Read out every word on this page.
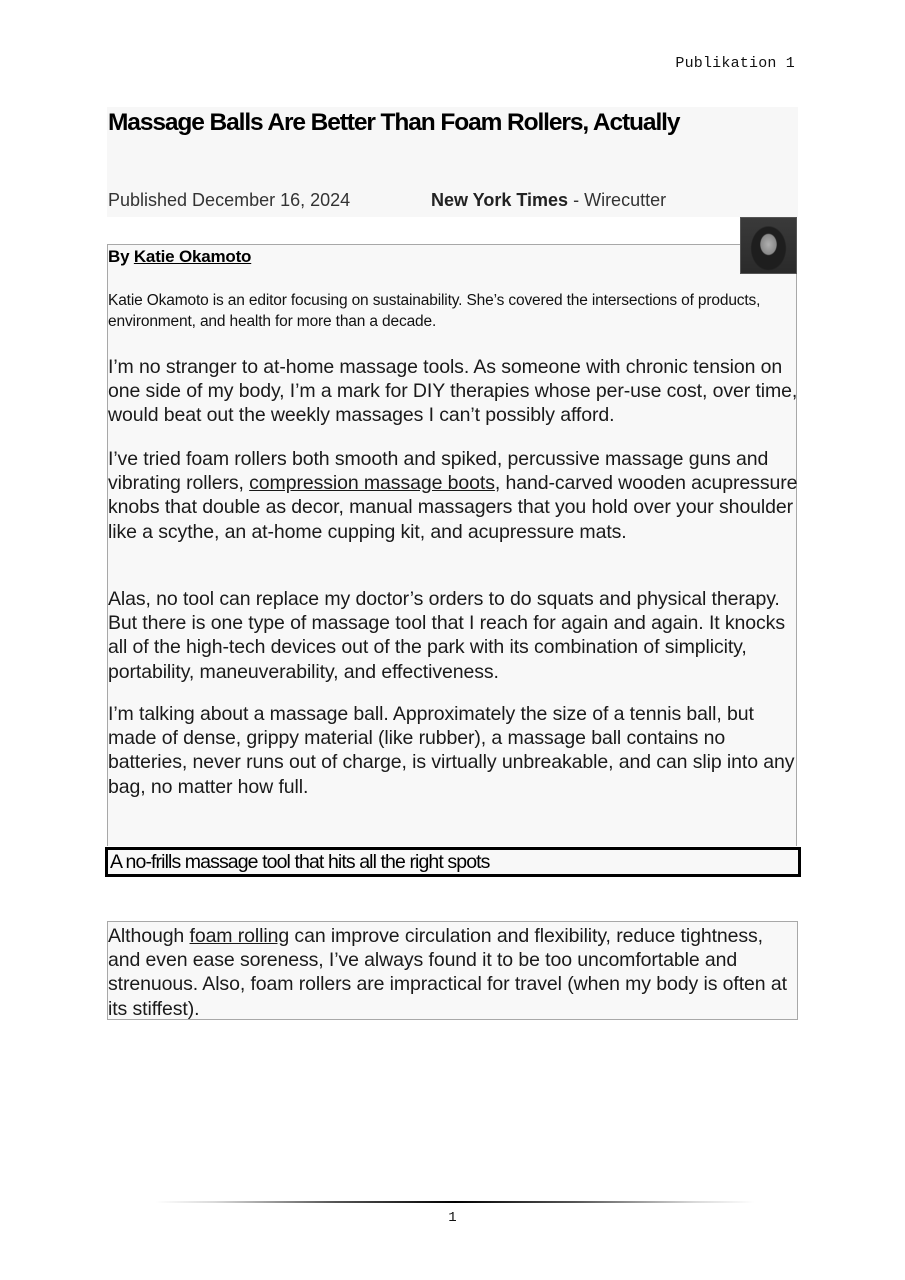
Publikation 1
Massage Balls Are Better Than Foam Rollers, Actually
Published December 16, 2024	New York Times - Wirecutter
By Katie Okamoto
Katie Okamoto is an editor focusing on sustainability. She’s covered the intersections of products, environment, and health for more than a decade.

I’m no stranger to at-home massage tools. As someone with chronic tension on one side of my body, I’m a mark for DIY therapies whose per-use cost, over time, would beat out the weekly massages I can’t possibly afford.

I’ve tried foam rollers both smooth and spiked, percussive massage guns and vibrating rollers, compression massage boots, hand-carved wooden acupressure knobs that double as decor, manual massagers that you hold over your shoulder like a scythe, an at-home cupping kit, and acupressure mats.

Alas, no tool can replace my doctor’s orders to do squats and physical therapy. But there is one type of massage tool that I reach for again and again. It knocks all of the high-tech devices out of the park with its combination of simplicity, portability, maneuverability, and effectiveness.

I’m talking about a massage ball. Approximately the size of a tennis ball, but made of dense, grippy material (like rubber), a massage ball contains no batteries, never runs out of charge, is virtually unbreakable, and can slip into any bag, no matter how full.

A no-frills massage tool that hits all the right spots

Although foam rolling can improve circulation and flexibility, reduce tightness, and even ease soreness, I’ve always found it to be too uncomfortable and strenuous. Also, foam rollers are impractical for travel (when my body is often at its stiffest).

1
